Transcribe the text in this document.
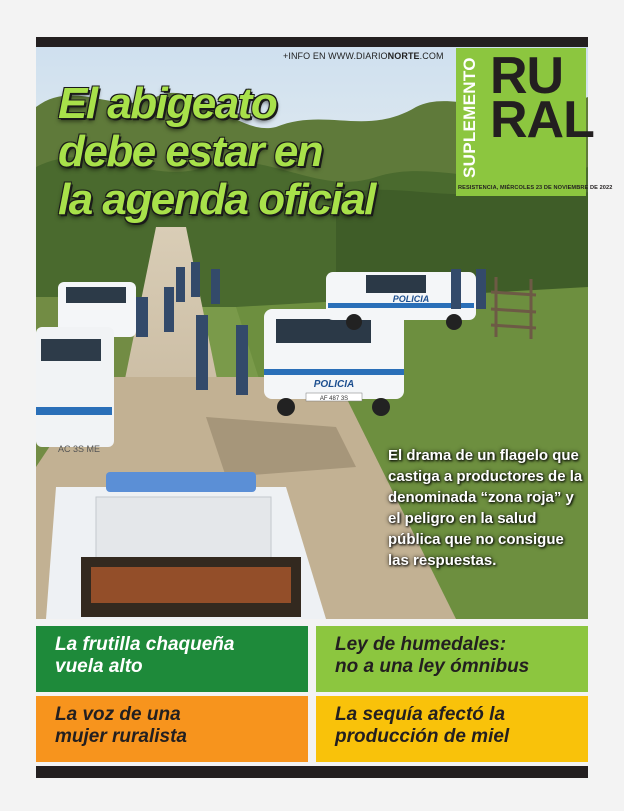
AC 3S ME
POLICIA
AF 487 3S
POLICIA
+INFO EN WWW.DIARIONORTE.COM
SUPLEMENTO RU
RAL
RESISTENCIA, MIÉRCOLES 23 DE NOVIEMBRE DE 2022
El abigeato
debe estar en
la agenda oficial
El drama de un flagelo que castiga a productores de la denominada “zona roja” y el peligro en la salud pública que no consigue las respuestas.
La frutilla chaqueña
vuela alto
Ley de humedales:
no a una ley ómnibus
La voz de una
mujer ruralista
La sequía afectó la
producción de miel
